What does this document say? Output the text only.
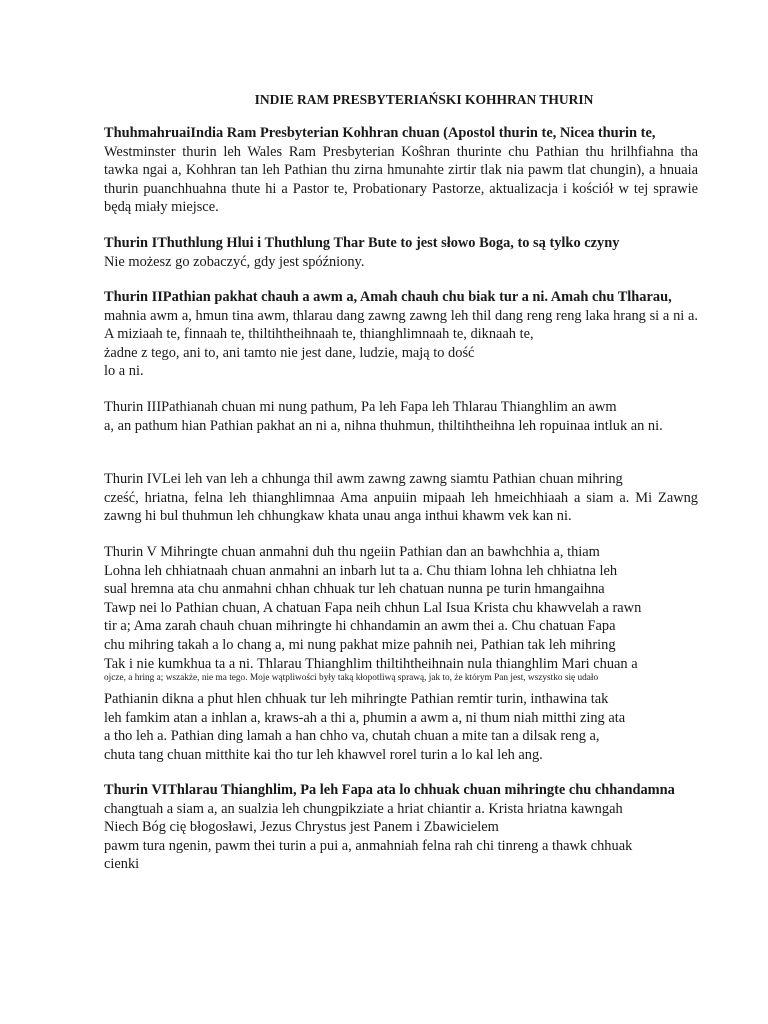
INDIE RAM PRESBYTERIAŃSKI KOHHRAN THURIN
ThuhmahruaiIndia Ram Presbyterian Kohhran chuan (Apostol thurin te, Nicea thurin te,
Westminster thurin leh Wales Ram Presbyterian Koŝhran thurinte chu Pathian thu hrilhfiahna tha tawka ngai a, Kohhran tan leh Pathian thu zirna hmunahte zirtir tlak nia pawm tlat chungin), a hnuaia thurin puanchhuahna thute hi a Pastor te, Probationary Pastorze, aktualizacja i kościół w tej sprawie będą miały miejsce.
Thurin IThuthlung Hlui i Thuthlung Thar Bute to jest słowo Boga, to są tylko czyny
Nie możesz go zobaczyć, gdy jest spóźniony.
Thurin IIPathian pakhat chauh a awm a, Amah chauh chu biak tur a ni. Amah chu Tlharau,
mahnia awm a, hmun tina awm, thlarau dang zawng zawng leh thil dang reng reng laka hrang si a ni a. A miziaah te, finnaah te, thiltihtheihnaah te, thianghlimnaah te, diknaah te,
żadne z tego, ani to, ani tamto nie jest dane, ludzie, mają to dość
lo a ni.
Thurin IIIPathianah chuan mi nung pathum, Pa leh Fapa leh Thlarau Thianghlim an awm
a, an pathum hian Pathian pakhat an ni a, nihna thuhmun, thiltihtheihna leh ropuinaa intluk an ni.
Thurin IVLei leh van leh a chhunga thil awm zawng zawng siamtu Pathian chuan mihring
cześć, hriatna, felna leh thianghlimnaa Ama anpuiin mipaah leh hmeichhiaah a siam a. Mi Zawng zawng hi bul thuhmun leh chhungkaw khata unau anga inthui khawm vek kan ni.
Thurin V Mihringte chuan anmahni duh thu ngeiin Pathian dan an bawhchhia a, thiam
Lohna leh chhiatnaah chuan anmahni an inbarh lut ta a. Chu thiam lohna leh chhiatna leh
sual hremna ata chu anmahni chhan chhuak tur leh chatuan nunna pe turin hmangaihna
Tawp nei lo Pathian chuan, A chatuan Fapa neih chhun Lal Isua Krista chu khawvelah a rawn
tir a; Ama zarah chauh chuan mihringte hi chhandamin an awm thei a. Chu chatuan Fapa
chu mihring takah a lo chang a, mi nung pakhat mize pahnih nei, Pathian tak leh mihring
Tak i nie kumkhua ta a ni. Thlarau Thianghlim thiltihtheihnain nula thianghlim Mari chuan a
ojcze, a hring a; wszakże, nie ma tego. Moje wątpliwości były taką kłopotliwą sprawą, jak to, że którym Pan jest, wszystko się udało
Pathianin dikna a phut hlen chhuak tur leh mihringte Pathian remtir turin, inthawina tak
leh famkim atan a inhlan a, kraws-ah a thi a, phumin a awm a, ni thum niah mitthi zing ata
a tho leh a. Pathian ding lamah a han chho va, chutah chuan a mite tan a dilsak reng a,
chuta tang chuan mitthite kai tho tur leh khawvel rorel turin a lo kal leh ang.
Thurin VIThlarau Thianghlim, Pa leh Fapa ata lo chhuak chuan mihringte chu chhandamna
changtuah a siam a, an sualzia leh chungpikziate a hriat chiantir a. Krista hriatna kawngah
Niech Bóg cię błogosławi, Jezus Chrystus jest Panem i Zbawicielem
pawm tura ngenin, pawm thei turin a pui a, anmahniah felna rah chi tinreng a thawk chhuak
cienki
